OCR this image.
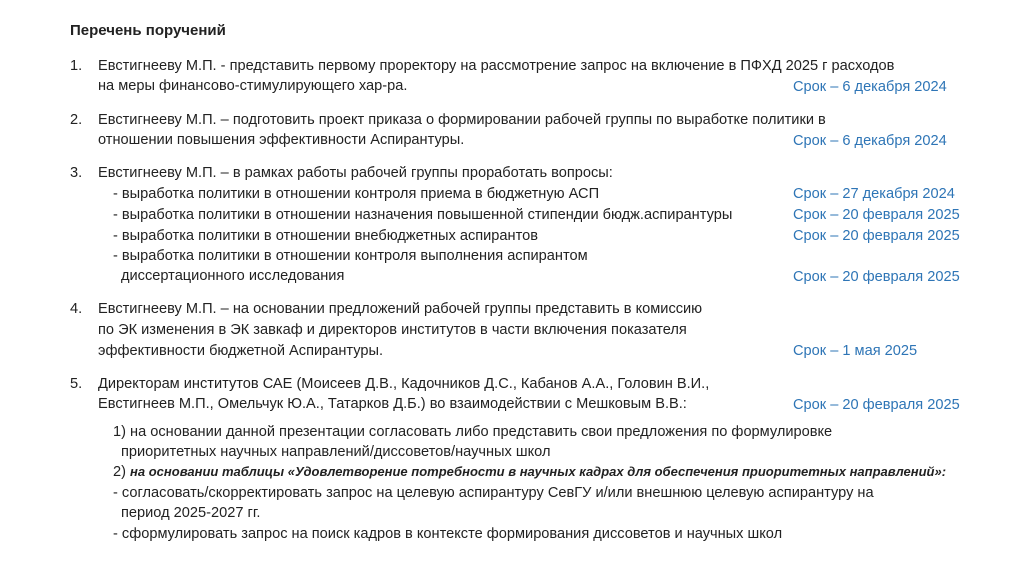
Перечень поручений
1. Евстигнееву М.П. - представить первому проректору на рассмотрение запрос на включение в ПФХД 2025 г расходов
на меры финансово-стимулирующего хар-ра.	Срок – 6 декабря 2024
2. Евстигнееву М.П. – подготовить проект приказа о формировании рабочей группы по выработке политики в
отношении повышения эффективности Аспирантуры.	Срок – 6 декабря 2024
3. Евстигнееву М.П. – в рамках работы рабочей группы проработать вопросы:
- выработка политики в отношении контроля приема в бюджетную АСП	Срок – 27 декабря 2024
- выработка политики в отношении назначения повышенной стипендии бюдж.аспирантуры	Срок – 20 февраля 2025
- выработка политики в отношении внебюджетных аспирантов	Срок – 20 февраля 2025
- выработка политики в отношении контроля выполнения аспирантом
диссертационного исследования	Срок – 20 февраля 2025
4. Евстигнееву М.П. – на основании предложений рабочей группы представить в комиссию
по ЭК изменения в ЭК завкаф и директоров институтов в части включения показателя
эффективности бюджетной Аспирантуры.	Срок – 1 мая 2025
5. Директорам институтов САЕ (Моисеев Д.В., Кадочников Д.С., Кабанов А.А., Головин В.И.,
Евстигнеев М.П., Омельчук Ю.А., Татарков Д.Б.) во взаимодействии с Мешковым В.В.:	Срок – 20 февраля 2025
1) на основании данной презентации согласовать либо представить свои предложения по формулировке
приоритетных научных направлений/диссоветов/научных школ
2) на основании таблицы «Удовлетворение потребности в научных кадрах для обеспечения приоритетных направлений»:
- согласовать/скорректировать запрос на целевую аспирантуру СевГУ и/или внешнюю целевую аспирантуру на
период 2025-2027 гг.
- сформулировать запрос на поиск кадров в контексте формирования диссоветов и научных школ
